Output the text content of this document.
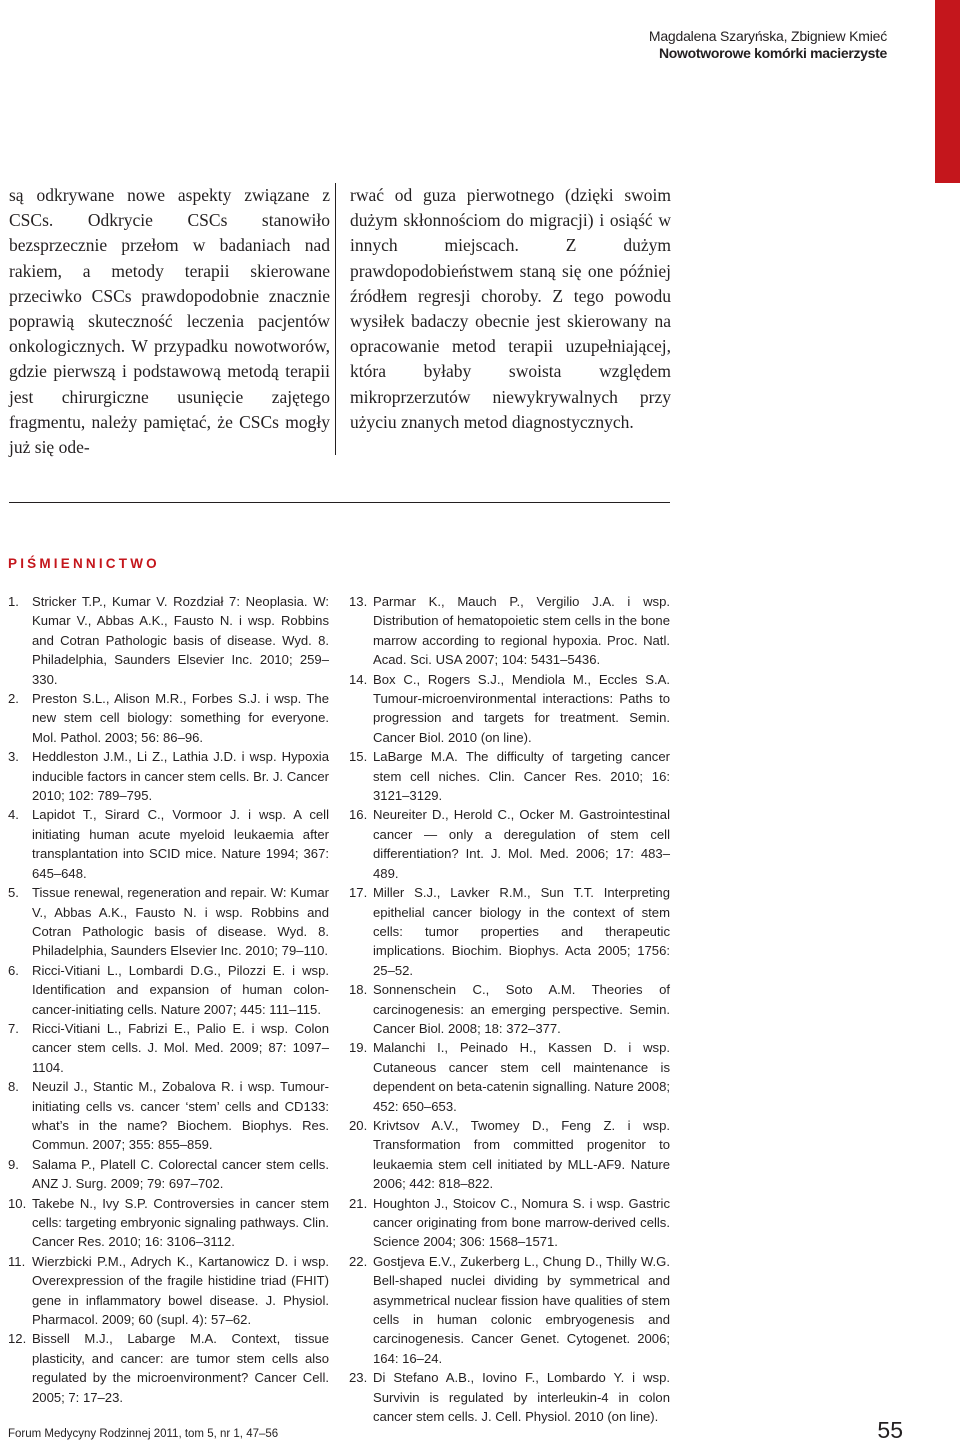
Magdalena Szaryńska, Zbigniew Kmieć
Nowotworowe komórki macierzyste
są odkrywane nowe aspekty związane z CSCs. Odkrycie CSCs stanowiło bezsprzecznie przełom w badaniach nad rakiem, a metody terapii skierowane przeciwko CSCs prawdopodobnie znacznie poprawią skuteczność leczenia pacjentów onkologicznych. W przypadku nowotworów, gdzie pierwszą i podstawową metodą terapii jest chirurgiczne usunięcie zajętego fragmentu, należy pamiętać, że CSCs mogły już się ode-
rwać od guza pierwotnego (dzięki swoim dużym skłonnościom do migracji) i osiąść w innych miejscach. Z dużym prawdopodobieństwem staną się one później źródłem regresji choroby. Z tego powodu wysiłek badaczy obecnie jest skierowany na opracowanie metod terapii uzupełniającej, która byłaby swoista względem mikroprzerzutów niewykrywalnych przy użyciu znanych metod diagnostycznych.
PIŚMIENNICTWO
1. Stricker T.P., Kumar V. Rozdział 7: Neoplasia. W: Kumar V., Abbas A.K., Fausto N. i wsp. Robbins and Cotran Pathologic basis of disease. Wyd. 8. Philadelphia, Saunders Elsevier Inc. 2010; 259–330.
2. Preston S.L., Alison M.R., Forbes S.J. i wsp. The new stem cell biology: something for everyone. Mol. Pathol. 2003; 56: 86–96.
3. Heddleston J.M., Li Z., Lathia J.D. i wsp. Hypoxia inducible factors in cancer stem cells. Br. J. Cancer 2010; 102: 789–795.
4. Lapidot T., Sirard C., Vormoor J. i wsp. A cell initiating human acute myeloid leukaemia after transplantation into SCID mice. Nature 1994; 367: 645–648.
5. Tissue renewal, regeneration and repair. W: Kumar V., Abbas A.K., Fausto N. i wsp. Robbins and Cotran Pathologic basis of disease. Wyd. 8. Philadelphia, Saunders Elsevier Inc. 2010; 79–110.
6. Ricci-Vitiani L., Lombardi D.G., Pilozzi E. i wsp. Identification and expansion of human colon-cancer-initiating cells. Nature 2007; 445: 111–115.
7. Ricci-Vitiani L., Fabrizi E., Palio E. i wsp. Colon cancer stem cells. J. Mol. Med. 2009; 87: 1097–1104.
8. Neuzil J., Stantic M., Zobalova R. i wsp. Tumour-initiating cells vs. cancer ‘stem’ cells and CD133: what’s in the name? Biochem. Biophys. Res. Commun. 2007; 355: 855–859.
9. Salama P., Platell C. Colorectal cancer stem cells. ANZ J. Surg. 2009; 79: 697–702.
10. Takebe N., Ivy S.P. Controversies in cancer stem cells: targeting embryonic signaling pathways. Clin. Cancer Res. 2010; 16: 3106–3112.
11. Wierzbicki P.M., Adrych K., Kartanowicz D. i wsp. Overexpression of the fragile histidine triad (FHIT) gene in inflammatory bowel disease. J. Physiol. Pharmacol. 2009; 60 (supl. 4): 57–62.
12. Bissell M.J., Labarge M.A. Context, tissue plasticity, and cancer: are tumor stem cells also regulated by the microenvironment? Cancer Cell. 2005; 7: 17–23.
13. Parmar K., Mauch P., Vergilio J.A. i wsp. Distribution of hematopoietic stem cells in the bone marrow according to regional hypoxia. Proc. Natl. Acad. Sci. USA 2007; 104: 5431–5436.
14. Box C., Rogers S.J., Mendiola M., Eccles S.A. Tumour-microenvironmental interactions: Paths to progression and targets for treatment. Semin. Cancer Biol. 2010 (on line).
15. LaBarge M.A. The difficulty of targeting cancer stem cell niches. Clin. Cancer Res. 2010; 16: 3121–3129.
16. Neureiter D., Herold C., Ocker M. Gastrointestinal cancer — only a deregulation of stem cell differentiation? Int. J. Mol. Med. 2006; 17: 483–489.
17. Miller S.J., Lavker R.M., Sun T.T. Interpreting epithelial cancer biology in the context of stem cells: tumor properties and therapeutic implications. Biochim. Biophys. Acta 2005; 1756: 25–52.
18. Sonnenschein C., Soto A.M. Theories of carcinogenesis: an emerging perspective. Semin. Cancer Biol. 2008; 18: 372–377.
19. Malanchi I., Peinado H., Kassen D. i wsp. Cutaneous cancer stem cell maintenance is dependent on beta-catenin signalling. Nature 2008; 452: 650–653.
20. Krivtsov A.V., Twomey D., Feng Z. i wsp. Transformation from committed progenitor to leukaemia stem cell initiated by MLL-AF9. Nature 2006; 442: 818–822.
21. Houghton J., Stoicov C., Nomura S. i wsp. Gastric cancer originating from bone marrow-derived cells. Science 2004; 306: 1568–1571.
22. Gostjeva E.V., Zukerberg L., Chung D., Thilly W.G. Bell-shaped nuclei dividing by symmetrical and asymmetrical nuclear fission have qualities of stem cells in human colonic embryogenesis and carcinogenesis. Cancer Genet. Cytogenet. 2006; 164: 16–24.
23. Di Stefano A.B., Iovino F., Lombardo Y. i wsp. Survivin is regulated by interleukin-4 in colon cancer stem cells. J. Cell. Physiol. 2010 (on line).
Forum Medycyny Rodzinnej 2011, tom 5, nr 1, 47–56	55
